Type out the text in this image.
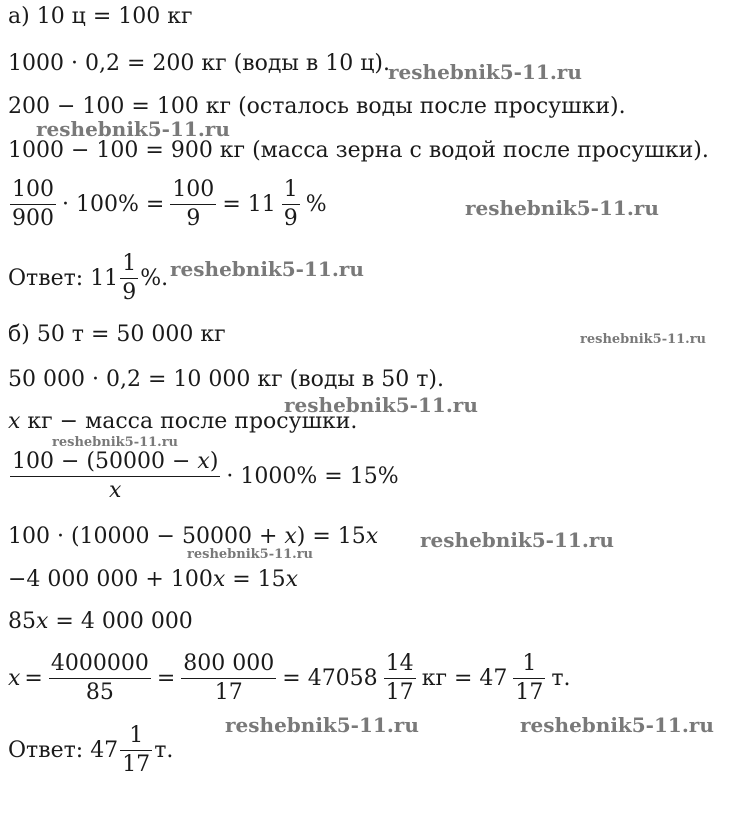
а) 10 ц = 100 кг
1000 · 0,2 = 200 кг (воды в 10 ц).
200 − 100 = 100 кг (осталось воды после просушки).
1000 − 100 = 900 кг (масса зерна с водой после просушки).
$\frac{100}{900} \cdot 100\% = \frac{100}{9} = 11 \frac{1}{9}$ %
Ответ: $11 \frac{1}{9}$ %.
б) 50 т = 50 000 кг
50 000 · 0,2 = 10 000 кг (воды в 50 т).
x кг − масса после просушки.
$\frac{100 - (50000 - x)}{x} \cdot 1000\% = 15\%$
100 · (10000 − 50000 + x) = 15x
−4 000 000 + 100x = 15x
85x = 4 000 000
$x = \frac{4000000}{85} = \frac{800 000}{17} = 47058 \frac{14}{17}$ кг = $47 \frac{1}{17} т$.
Ответ: $47 \frac{1}{17} т$.
reshebnik5-11.ru
reshebnik5-11.ru
reshebnik5-11.ru
reshebnik5-11.ru
reshebnik5-11.ru
reshebnik5-11.ru
reshebnik5-11.ru
reshebnik5-11.ru
reshebnik5-11.ru
reshebnik5-11.ru	reshebnik5-11.ru
